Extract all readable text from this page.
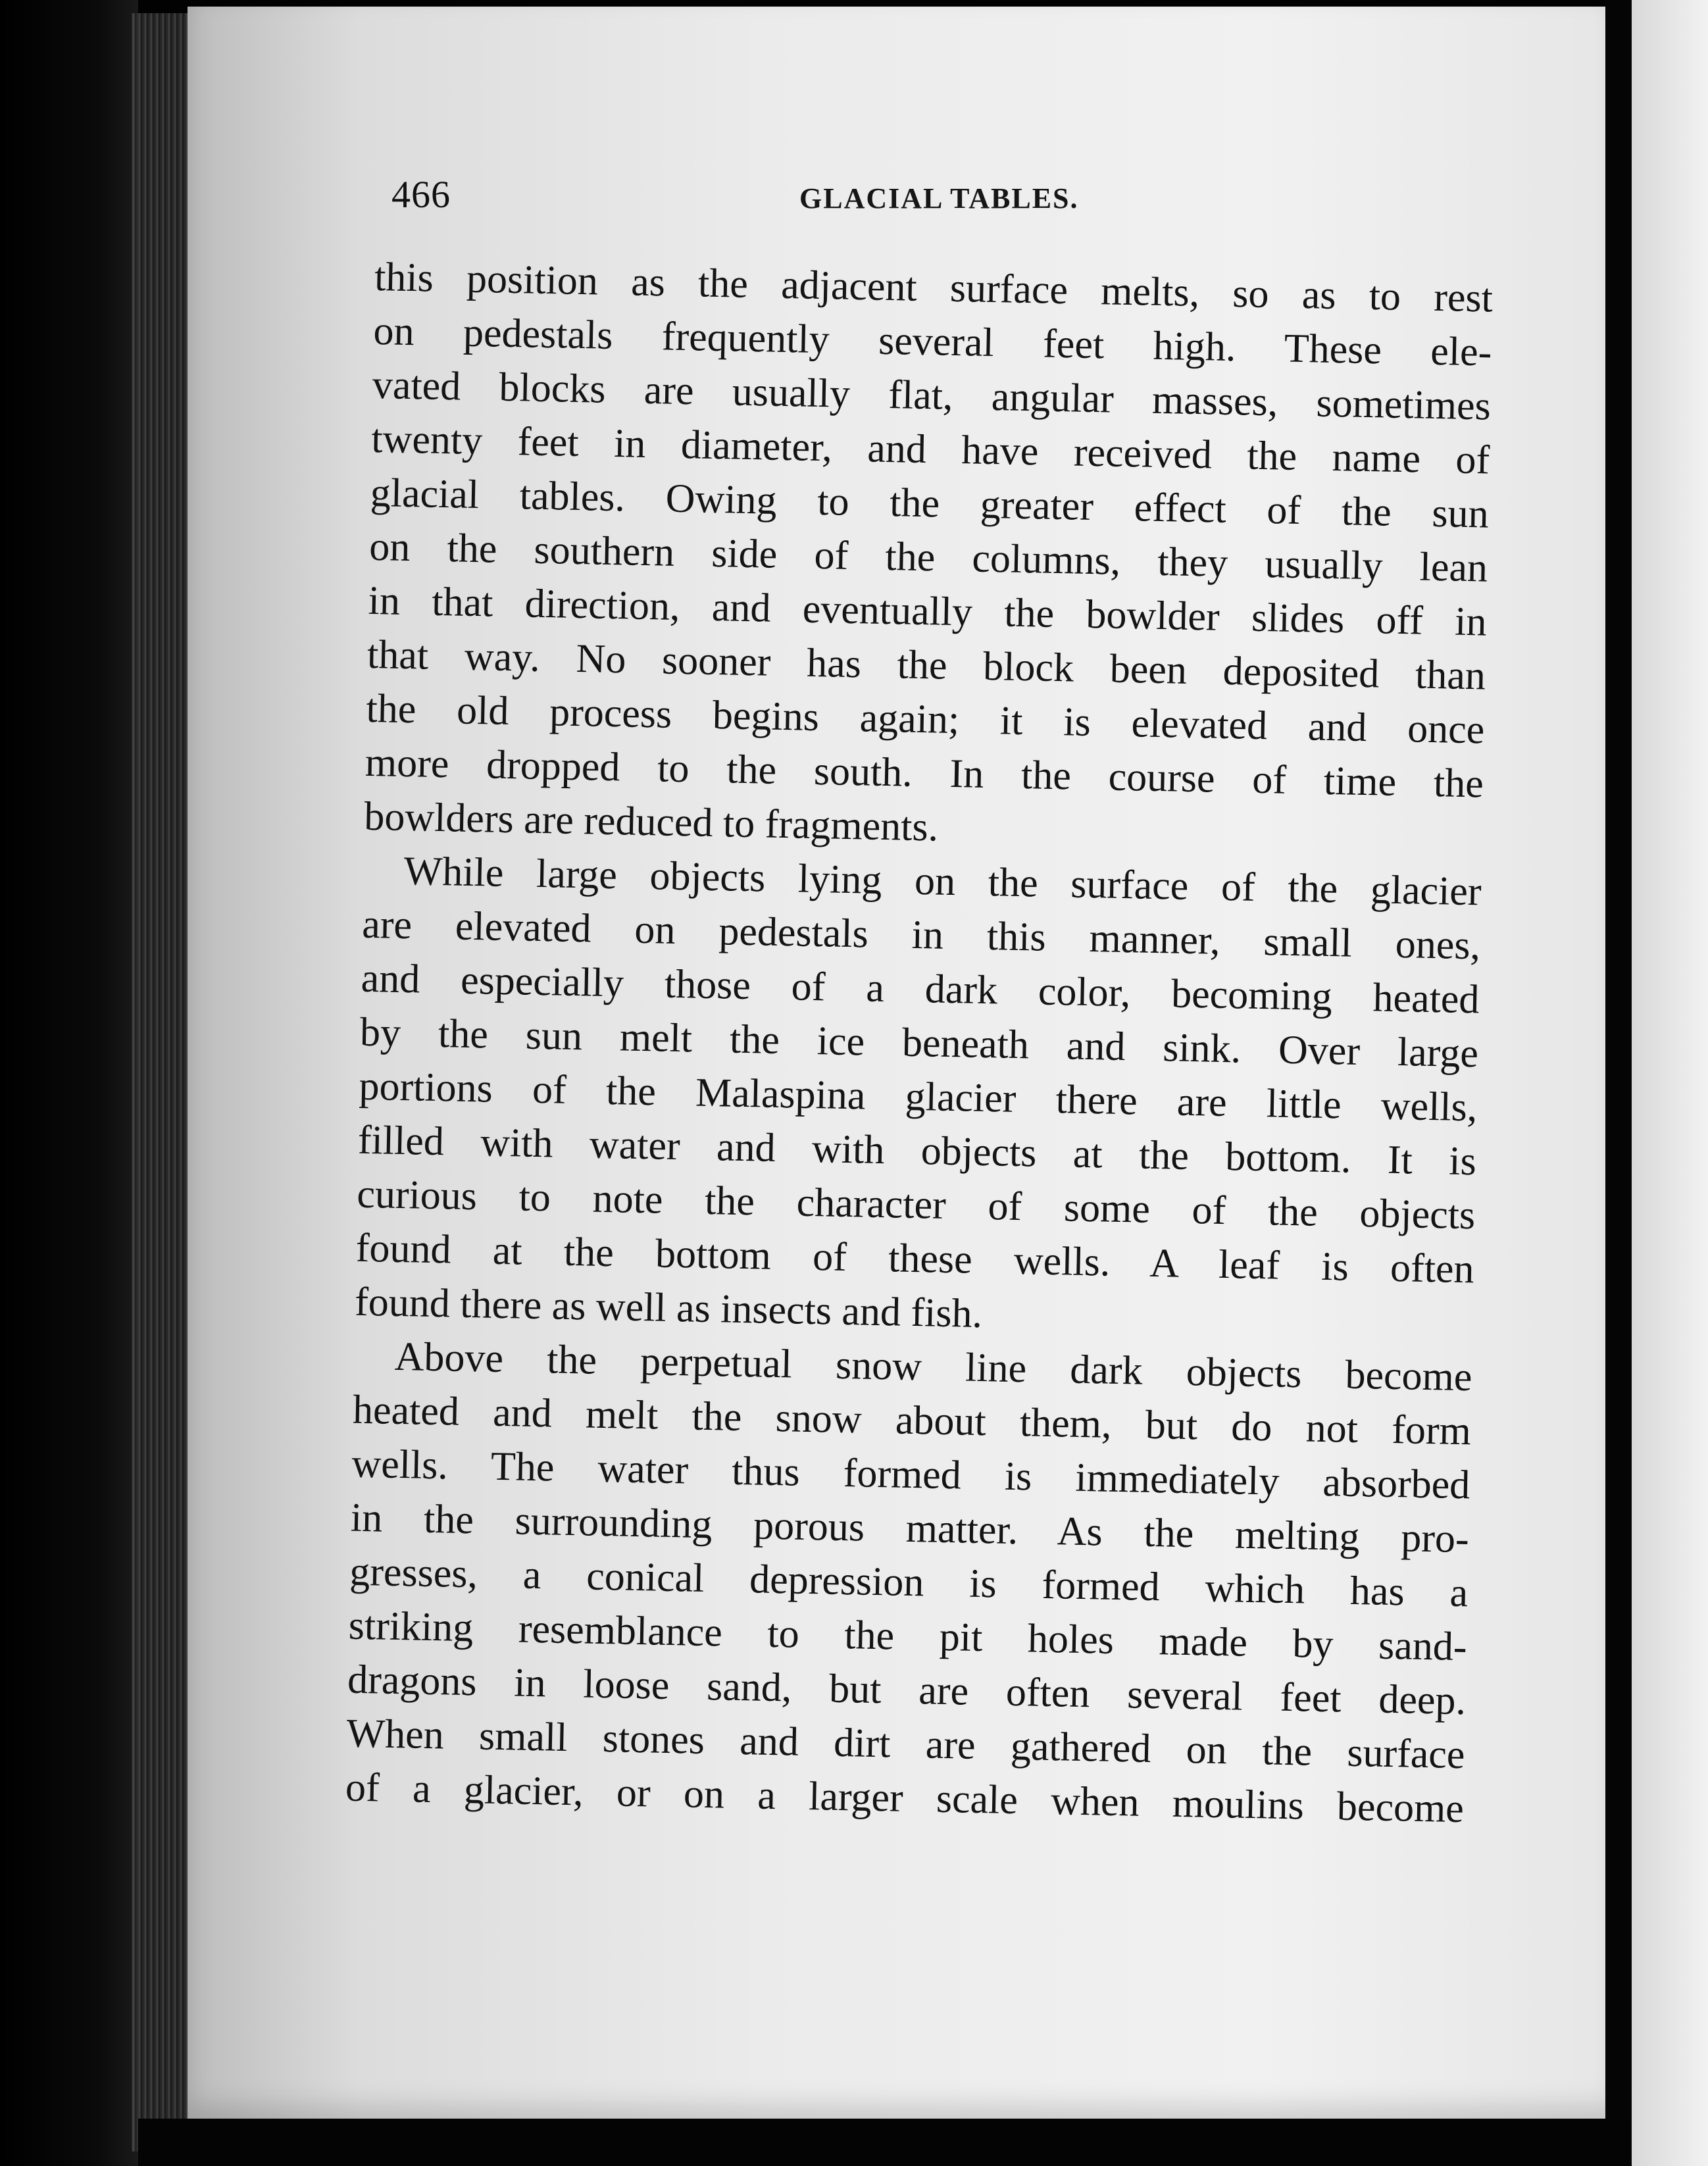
466	GLACIAL TABLES.
this position as the adjacent surface melts, so as to rest
on pedestals frequently several feet high. These ele-
vated blocks are usually flat, angular masses, sometimes
twenty feet in diameter, and have received the name of
glacial tables. Owing to the greater effect of the sun
on the southern side of the columns, they usually lean
in that direction, and eventually the bowlder slides off in
that way. No sooner has the block been deposited than
the old process begins again; it is elevated and once
more dropped to the south. In the course of time the
bowlders are reduced to fragments.
While large objects lying on the surface of the glacier
are elevated on pedestals in this manner, small ones,
and especially those of a dark color, becoming heated
by the sun melt the ice beneath and sink. Over large
portions of the Malaspina glacier there are little wells,
filled with water and with objects at the bottom. It is
curious to note the character of some of the objects
found at the bottom of these wells. A leaf is often
found there as well as insects and fish.
Above the perpetual snow line dark objects become
heated and melt the snow about them, but do not form
wells. The water thus formed is immediately absorbed
in the surrounding porous matter. As the melting pro-
gresses, a conical depression is formed which has a
striking resemblance to the pit holes made by sand-
dragons in loose sand, but are often several feet deep.
When small stones and dirt are gathered on the surface
of a glacier, or on a larger scale when moulins become
